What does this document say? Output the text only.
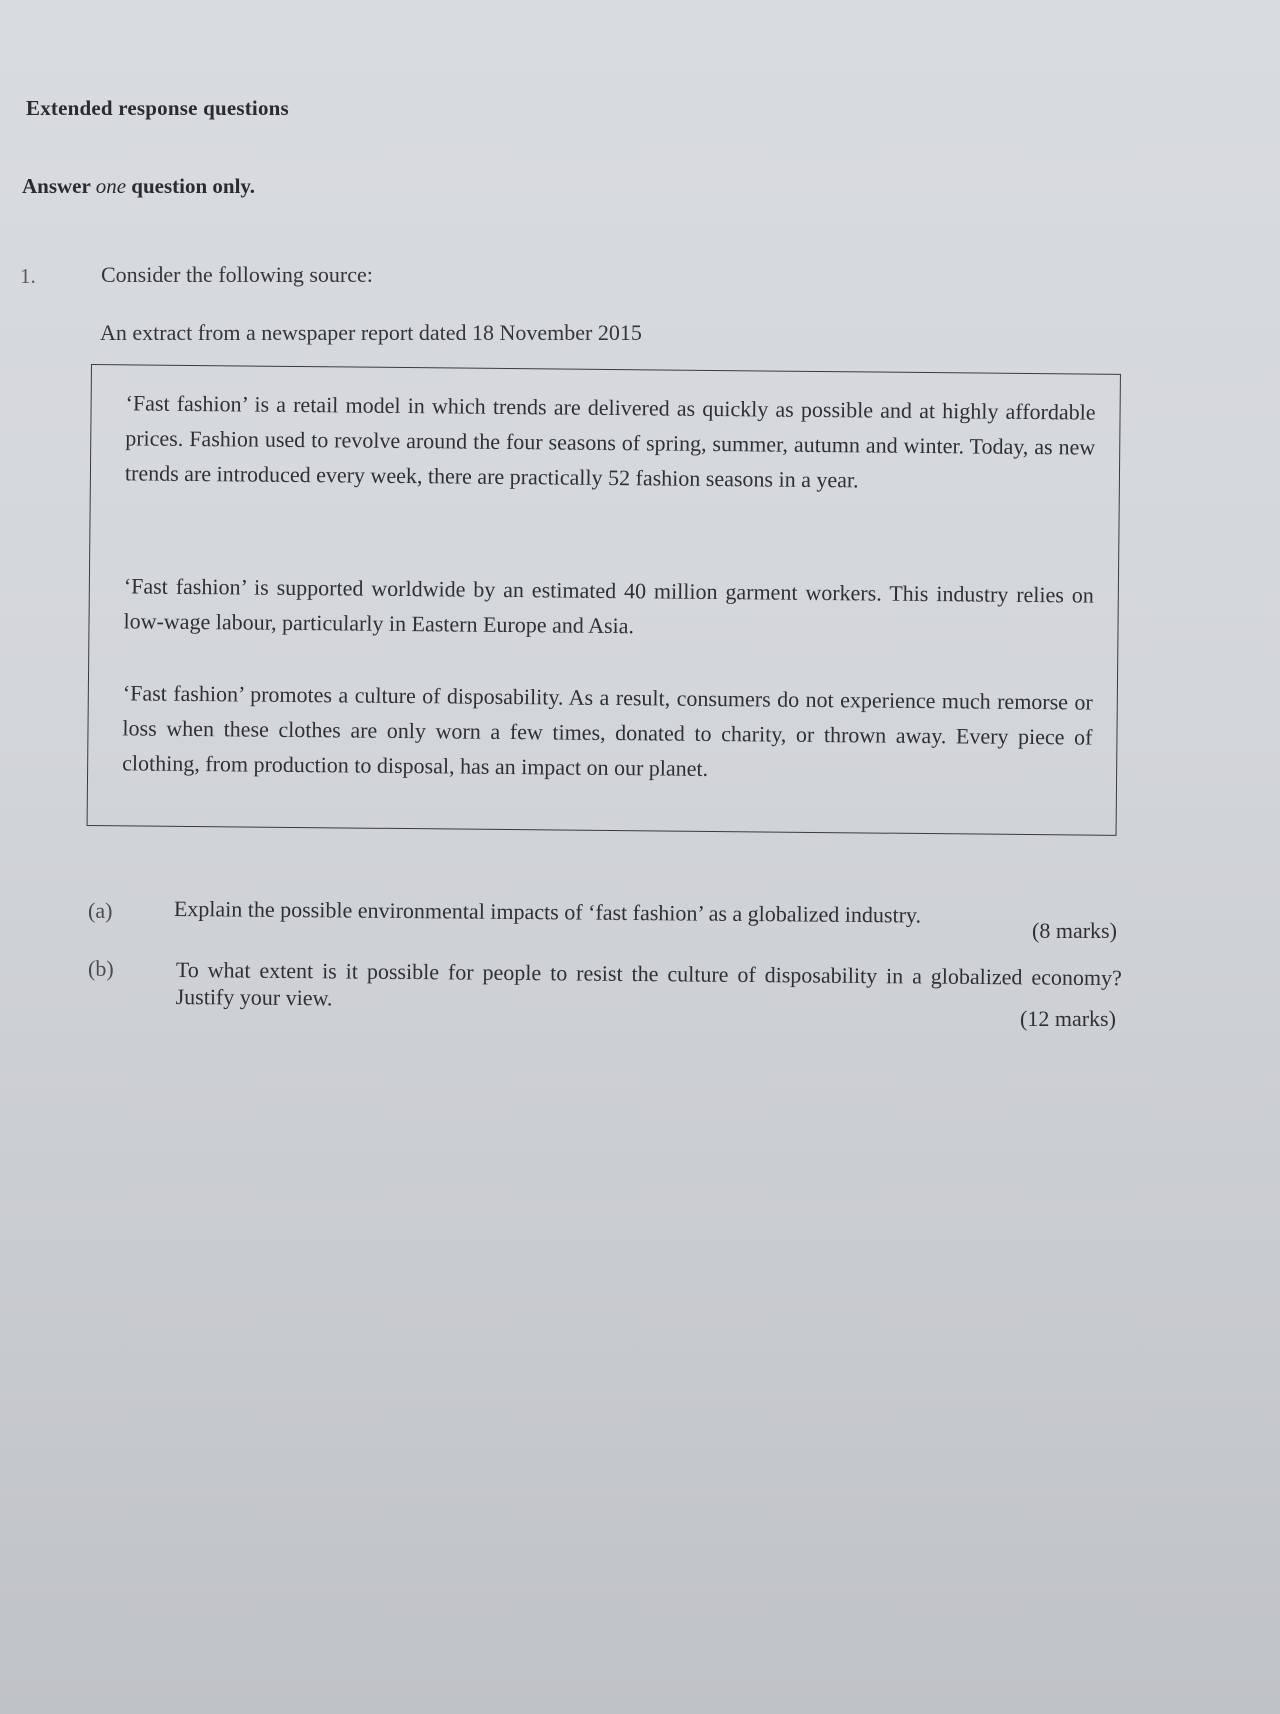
Extended response questions
Answer one question only.
1.	Consider the following source:
An extract from a newspaper report dated 18 November 2015
‘Fast fashion’ is a retail model in which trends are delivered as quickly as possible and at highly affordable prices. Fashion used to revolve around the four seasons of spring, summer, autumn and winter. Today, as new trends are introduced every week, there are practically 52 fashion seasons in a year.
‘Fast fashion’ is supported worldwide by an estimated 40 million garment workers. This industry relies on low-wage labour, particularly in Eastern Europe and Asia.
‘Fast fashion’ promotes a culture of disposability. As a result, consumers do not experience much remorse or loss when these clothes are only worn a few times, donated to charity, or thrown away. Every piece of clothing, from production to disposal, has an impact on our planet.
(a)	Explain the possible environmental impacts of ‘fast fashion’ as a globalized industry.
(8 marks)
(b)	To what extent is it possible for people to resist the culture of disposability in a globalized economy? Justify your view.
(12 marks)
